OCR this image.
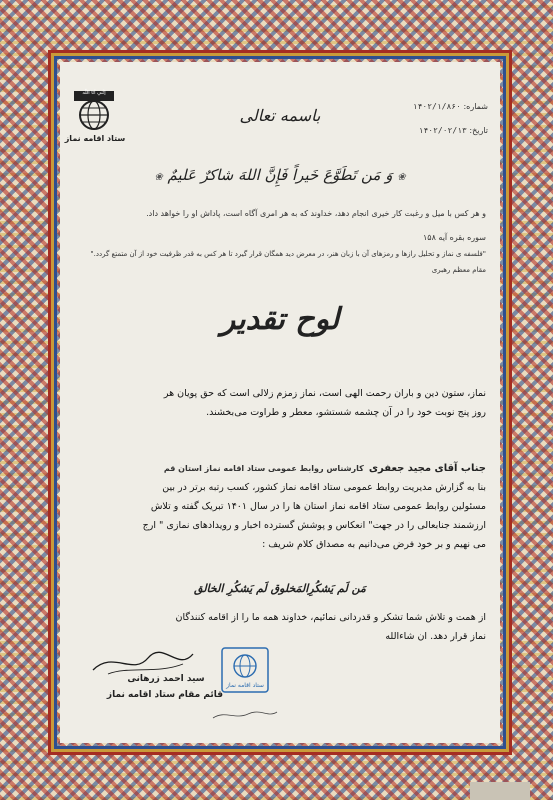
اِنَّني اَنَا اللّه
ستاد اقامه نماز
شماره: ۱۴۰۲/۱/۸۶۰
تاریخ: ۱۴۰۲/۰۲/۱۳
باسمه تعالی
❀ وَ مَن تَطَوَّعَ خَیراً فَإِنَّ اللهَ شاکرٌ عَلیمٌ ❀
و هر کس با میل و رغبت کار خیری انجام دهد، خداوند که به هر امری آگاه است، پاداش او را خواهد داد.
سوره بقره آیه ۱۵۸
"فلسفه ی نماز و تحلیل رازها و رمزهای آن با زبان هنر، در معرض دید همگان قرار گیرد تا هر کس به قدر ظرفیت خود از آن متمتع گردد."
مقام معظم رهبری
لوح تقدیر
نماز، ستون دین و باران رحمت الهی است، نماز زمزم زلالی است که حق پویان هر
روز پنج نوبت خود را در آن چشمه شستشو، معطر و طراوت می‌بخشند.
جناب آقای مجید جعفری کارشناس روابط عمومی ستاد اقامه نماز استان قم
بنا به گزارش مدیریت روابط عمومی ستاد اقامه نماز کشور، کسب رتبه برتر در بین
مسئولین روابط عمومی ستاد اقامه نماز استان ها را در سال ۱۴۰۱ تبریک گفته و تلاش
ارزشمند جنابعالی را در جهت" انعکاس و پوشش گسترده اخبار و رویدادهای نمازی " ارج
می نهیم و بر خود فرض می‌دانیم به مصداق کلام شریف :
مَن لَم یَشکُرِالمَخلوق لَم یَشکُرِ الخالق
از همت و تلاش شما تشکر و قدردانی نمائیم، خداوند همه ما را از اقامه کنندگان
نماز قرار دهد. ان شاءالله
سید احمد زرهانی
قائم مقام ستاد اقامه نماز
ستاد اقامه نماز
